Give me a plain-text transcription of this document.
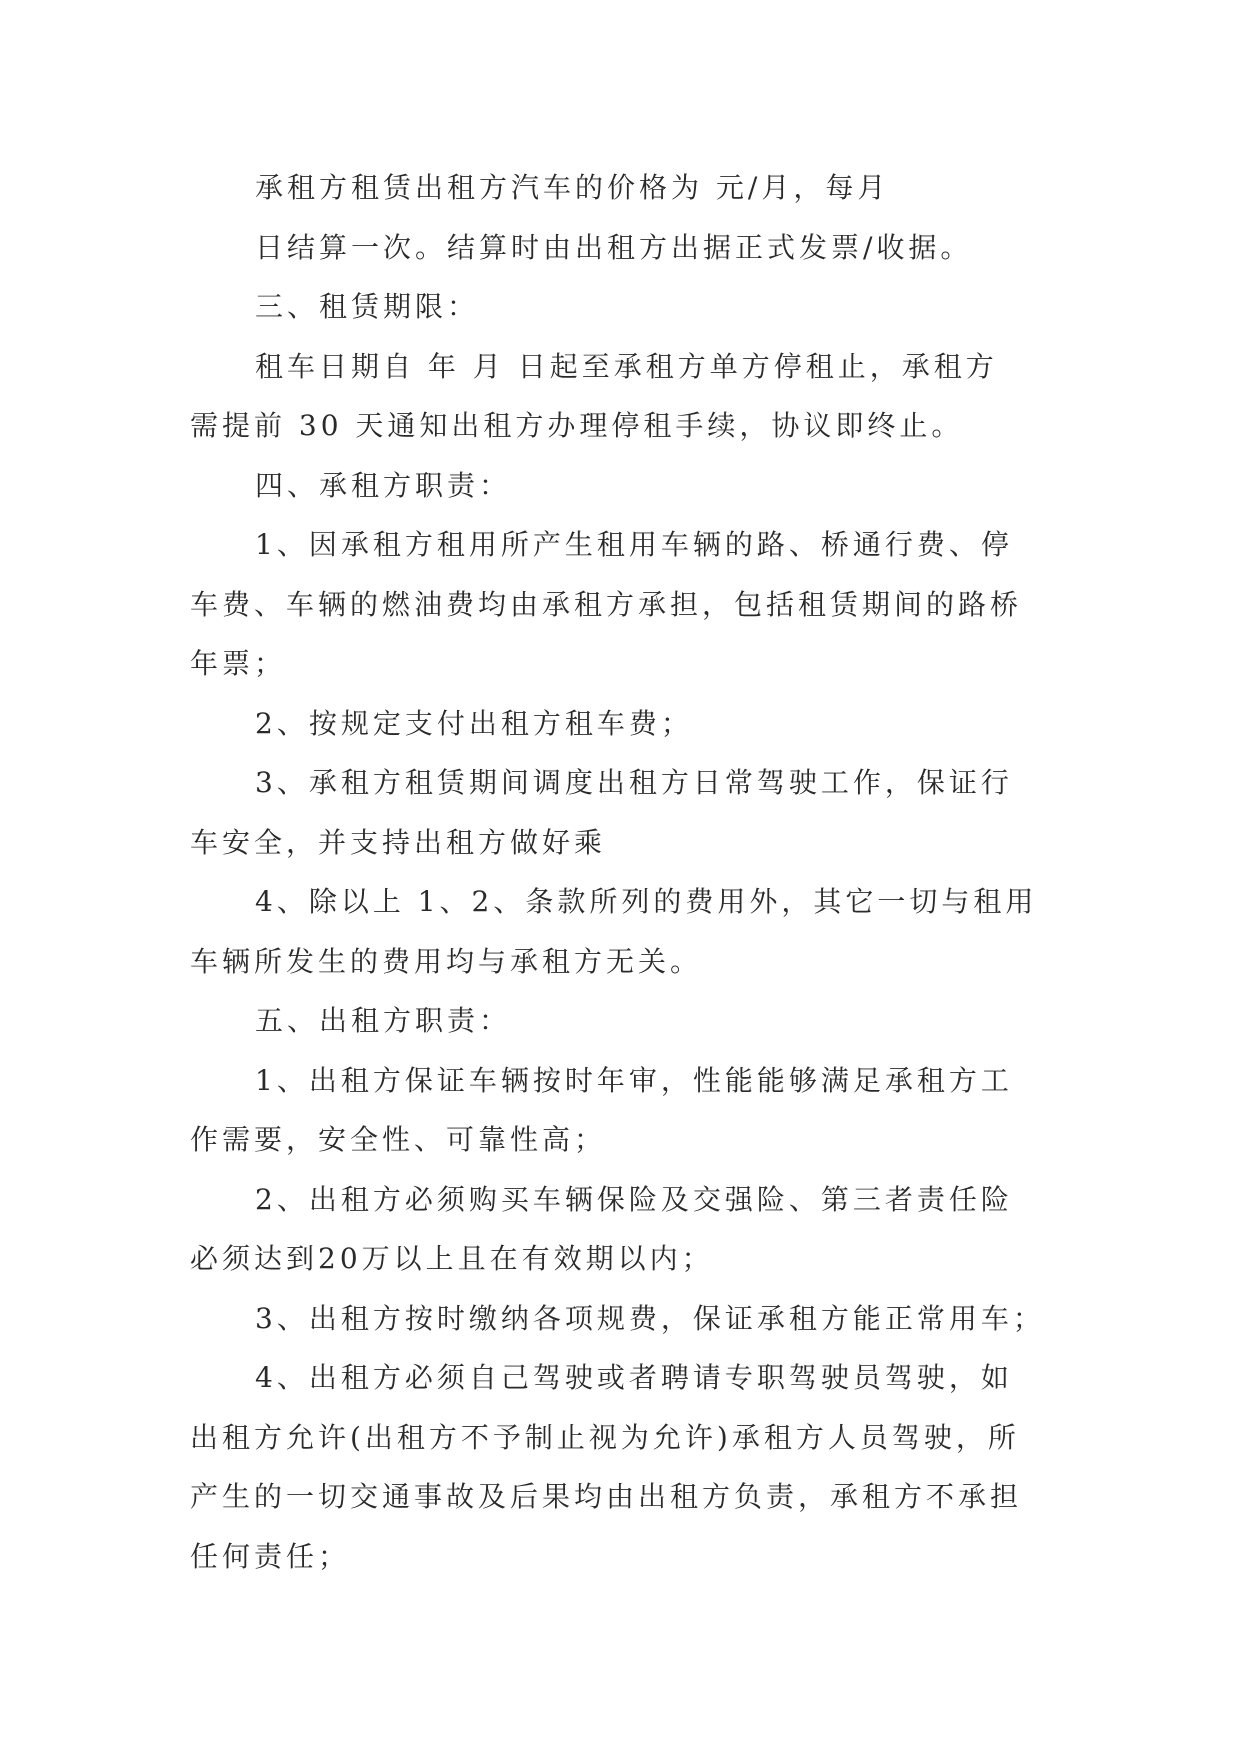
承租方租赁出租方汽车的价格为 元/月，每月
日结算一次。结算时由出租方出据正式发票/收据。
三、租赁期限：
租车日期自 年 月 日起至承租方单方停租止，承租方
需提前 30 天通知出租方办理停租手续，协议即终止。
四、承租方职责：
1、因承租方租用所产生租用车辆的路、桥通行费、停
车费、车辆的燃油费均由承租方承担，包括租赁期间的路桥
年票；
2、按规定支付出租方租车费；
3、承租方租赁期间调度出租方日常驾驶工作，保证行
车安全，并支持出租方做好乘
4、除以上 1、2、条款所列的费用外，其它一切与租用
车辆所发生的费用均与承租方无关。
五、出租方职责：
1、出租方保证车辆按时年审，性能能够满足承租方工
作需要，安全性、可靠性高；
2、出租方必须购买车辆保险及交强险、第三者责任险
必须达到20万以上且在有效期以内；
3、出租方按时缴纳各项规费，保证承租方能正常用车；
4、出租方必须自己驾驶或者聘请专职驾驶员驾驶，如
出租方允许(出租方不予制止视为允许)承租方人员驾驶，所
产生的一切交通事故及后果均由出租方负责，承租方不承担
任何责任；
